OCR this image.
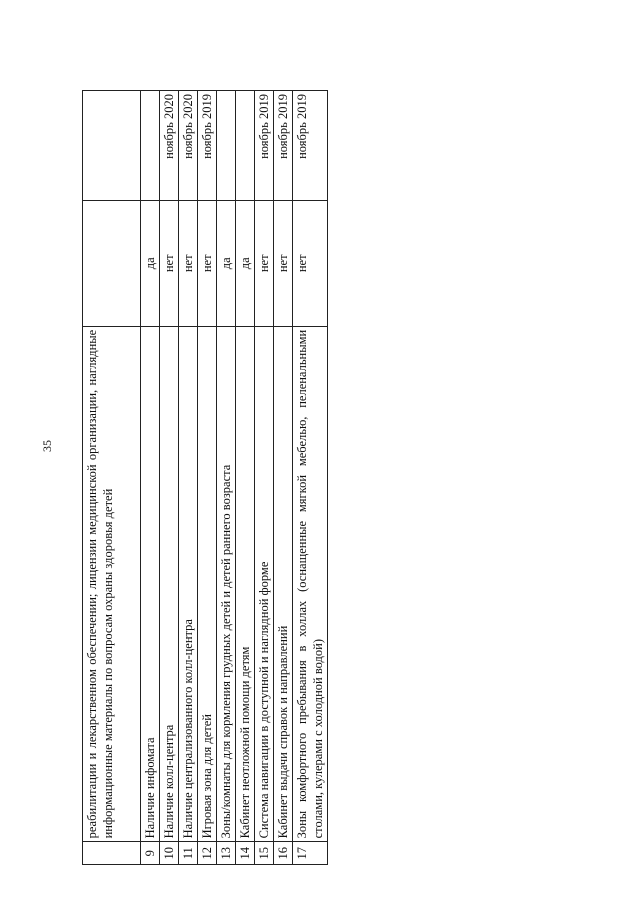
35
	реабилитации и лекарственном обеспечении; лицензии медицинской организации, наглядные информационные материалы по вопросам охраны здоровья детей		
9	Наличие инфомата	да	
10	Наличие колл-центра	нет	ноябрь 2020
11	Наличие централизованного колл-центра	нет	ноябрь 2020
12	Игровая зона для детей	нет	ноябрь 2019
13	Зоны/комнаты для кормления грудных детей и детей раннего возраста	да	
14	Кабинет неотложной помощи детям	да	
15	Система навигации в доступной и наглядной форме	нет	ноябрь 2019
16	Кабинет выдачи справок и направлений	нет	ноябрь 2019
17	Зоны комфортного пребывания в холлах (оснащенные мягкой мебелью, пеленальными столами, кулерами с холодной водой)	нет	ноябрь 2019
